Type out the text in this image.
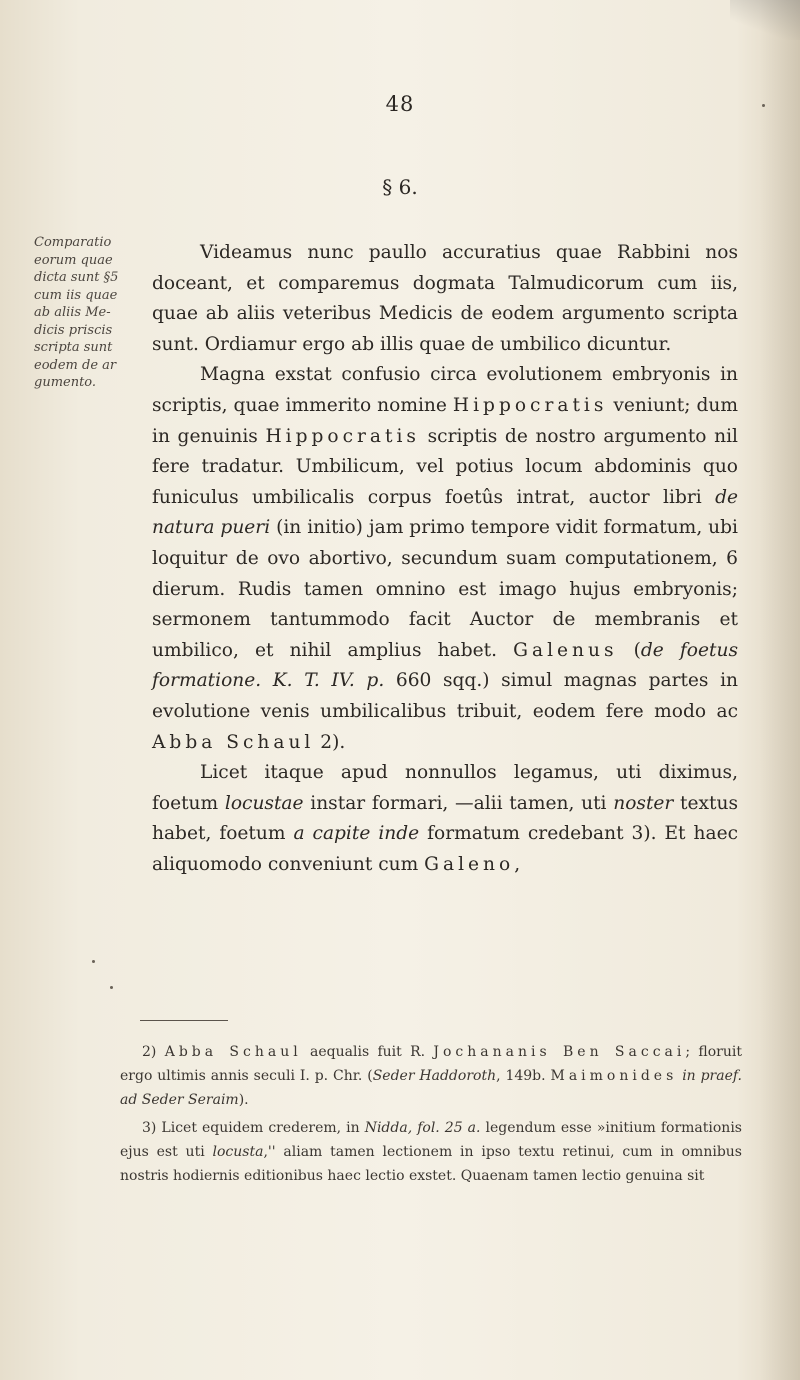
48
§ 6.
Comparatio
eorum quae
dicta sunt §5
cum iis quae
ab aliis Me-
dicis priscis
scripta sunt
eodem de ar
gumento.

Videamus nunc paullo accuratius quae Rabbini nos doceant, et comparemus dogmata Talmudicorum cum iis, quae ab aliis veteribus Medicis de eodem argumento scripta sunt. Ordiamur ergo ab illis quae de umbilico dicuntur.

Magna exstat confusio circa evolutionem embryonis in scriptis, quae immerito nomine Hippocratis veniunt; dum in genuinis Hippocratis scriptis de nostro argumento nil fere tradatur. Umbilicum, vel potius locum abdominis quo funiculus umbilicalis corpus foetûs intrat, auctor libri de natura pueri (in initio) jam primo tempore vidit formatum, ubi loquitur de ovo abortivo, secundum suam computationem, 6 dierum. Rudis tamen omnino est imago hujus embryonis; sermonem tantummodo facit Auctor de membranis et umbilico, et nihil amplius habet. Galenus (de foetus formatione. K. T. IV. p. 660 sqq.) simul magnas partes in evolutione venis umbilicalibus tribuit, eodem fere modo ac Abba Schaul 2).

Licet itaque apud nonnullos legamus, uti diximus, foetum locustae instar formari, —alii tamen, uti noster textus habet, foetum a capite inde formatum credebant 3). Et haec aliquomodo conveniunt cum Galeno,

2) Abba Schaul aequalis fuit R. Jochananis Ben Saccai; floruit ergo ultimis annis seculi I. p. Chr. (Seder Haddoroth, 149b. Maimonides in praef. ad Seder Seraim).

3) Licet equidem crederem, in Nidda, fol. 25 a. legendum esse »initium formationis ejus est uti locusta,'' aliam tamen lectionem in ipso textu retinui, cum in omnibus nostris hodiernis editionibus haec lectio exstet. Quaenam tamen lectio genuina sit
